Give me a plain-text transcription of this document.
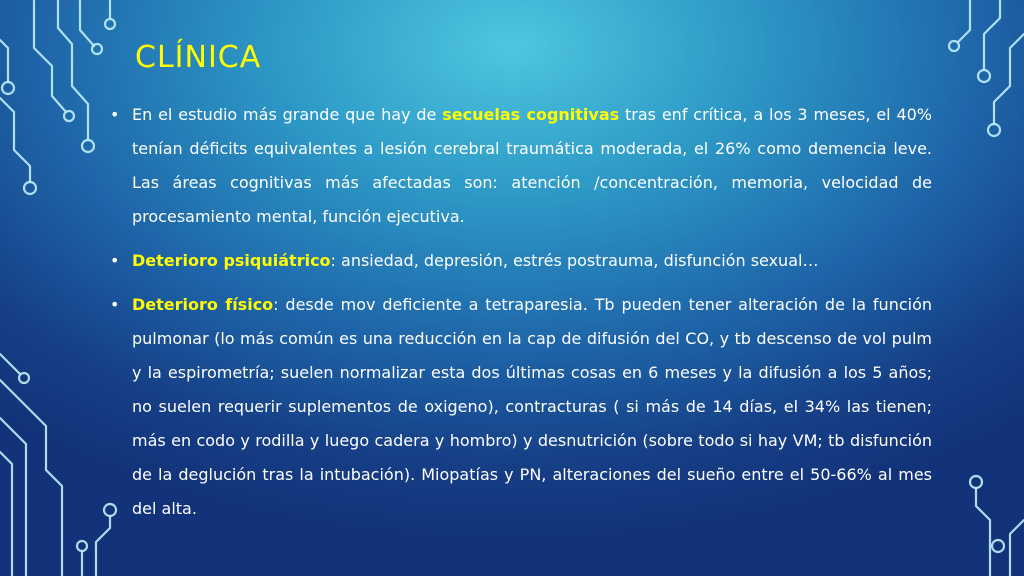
CLÍNICA
• En el estudio más grande que hay de secuelas cognitivas tras enf crítica, a los 3 meses, el 40% tenían déficits equivalentes a lesión cerebral traumática moderada, el 26% como demencia leve. Las áreas cognitivas más afectadas son: atención /concentración, memoria, velocidad de procesamiento mental, función ejecutiva.
• Deterioro psiquiátrico: ansiedad, depresión, estrés postrauma, disfunción sexual…
• Deterioro físico: desde mov deficiente a tetraparesia. Tb pueden tener alteración de la función pulmonar (lo más común es una reducción en la cap de difusión del CO, y tb descenso de vol pulm y la espirometría; suelen normalizar esta dos últimas cosas en 6 meses y la difusión a los 5 años; no suelen requerir suplementos de oxigeno), contracturas ( si más de 14 días, el 34% las tienen; más en codo y rodilla y luego cadera y hombro) y desnutrición (sobre todo si hay VM; tb disfunción de la deglución tras la intubación). Miopatías y PN, alteraciones del sueño entre el 50-66% al mes del alta.
